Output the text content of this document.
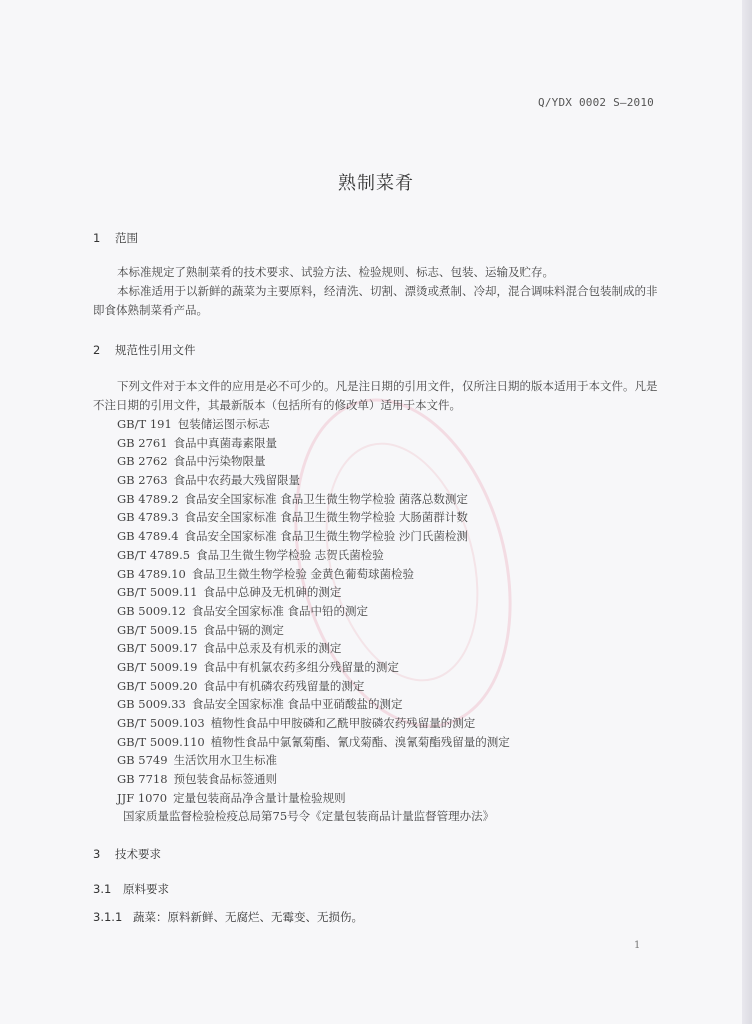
Q/YDX 0002 S—2010
熟制菜肴
1 范围
本标准规定了熟制菜肴的技术要求、试验方法、检验规则、标志、包装、运输及贮存。
本标准适用于以新鲜的蔬菜为主要原料，经清洗、切割、漂烫或煮制、冷却，混合调味料混合包装制成的非即食体熟制菜肴产品。
2 规范性引用文件
下列文件对于本文件的应用是必不可少的。凡是注日期的引用文件，仅所注日期的版本适用于本文件。凡是不注日期的引用文件，其最新版本（包括所有的修改单）适用于本文件。
GB/T 191 包装储运图示标志
GB 2761 食品中真菌毒素限量
GB 2762 食品中污染物限量
GB 2763 食品中农药最大残留限量
GB 4789.2 食品安全国家标准 食品卫生微生物学检验 菌落总数测定
GB 4789.3 食品安全国家标准 食品卫生微生物学检验 大肠菌群计数
GB 4789.4 食品安全国家标准 食品卫生微生物学检验 沙门氏菌检测
GB/T 4789.5 食品卫生微生物学检验 志贺氏菌检验
GB 4789.10 食品卫生微生物学检验 金黄色葡萄球菌检验
GB/T 5009.11 食品中总砷及无机砷的测定
GB 5009.12 食品安全国家标准 食品中铅的测定
GB/T 5009.15 食品中镉的测定
GB/T 5009.17 食品中总汞及有机汞的测定
GB/T 5009.19 食品中有机氯农药多组分残留量的测定
GB/T 5009.20 食品中有机磷农药残留量的测定
GB 5009.33 食品安全国家标准 食品中亚硝酸盐的测定
GB/T 5009.103 植物性食品中甲胺磷和乙酰甲胺磷农药残留量的测定
GB/T 5009.110 植物性食品中氯氰菊酯、氰戊菊酯、溴氰菊酯残留量的测定
GB 5749 生活饮用水卫生标准
GB 7718 预包装食品标签通则
JJF 1070 定量包装商品净含量计量检验规则
国家质量监督检验检疫总局第75号令《定量包装商品计量监督管理办法》
3 技术要求
3.1 原料要求
3.1.1 蔬菜：原料新鲜、无腐烂、无霉变、无损伤。
1
